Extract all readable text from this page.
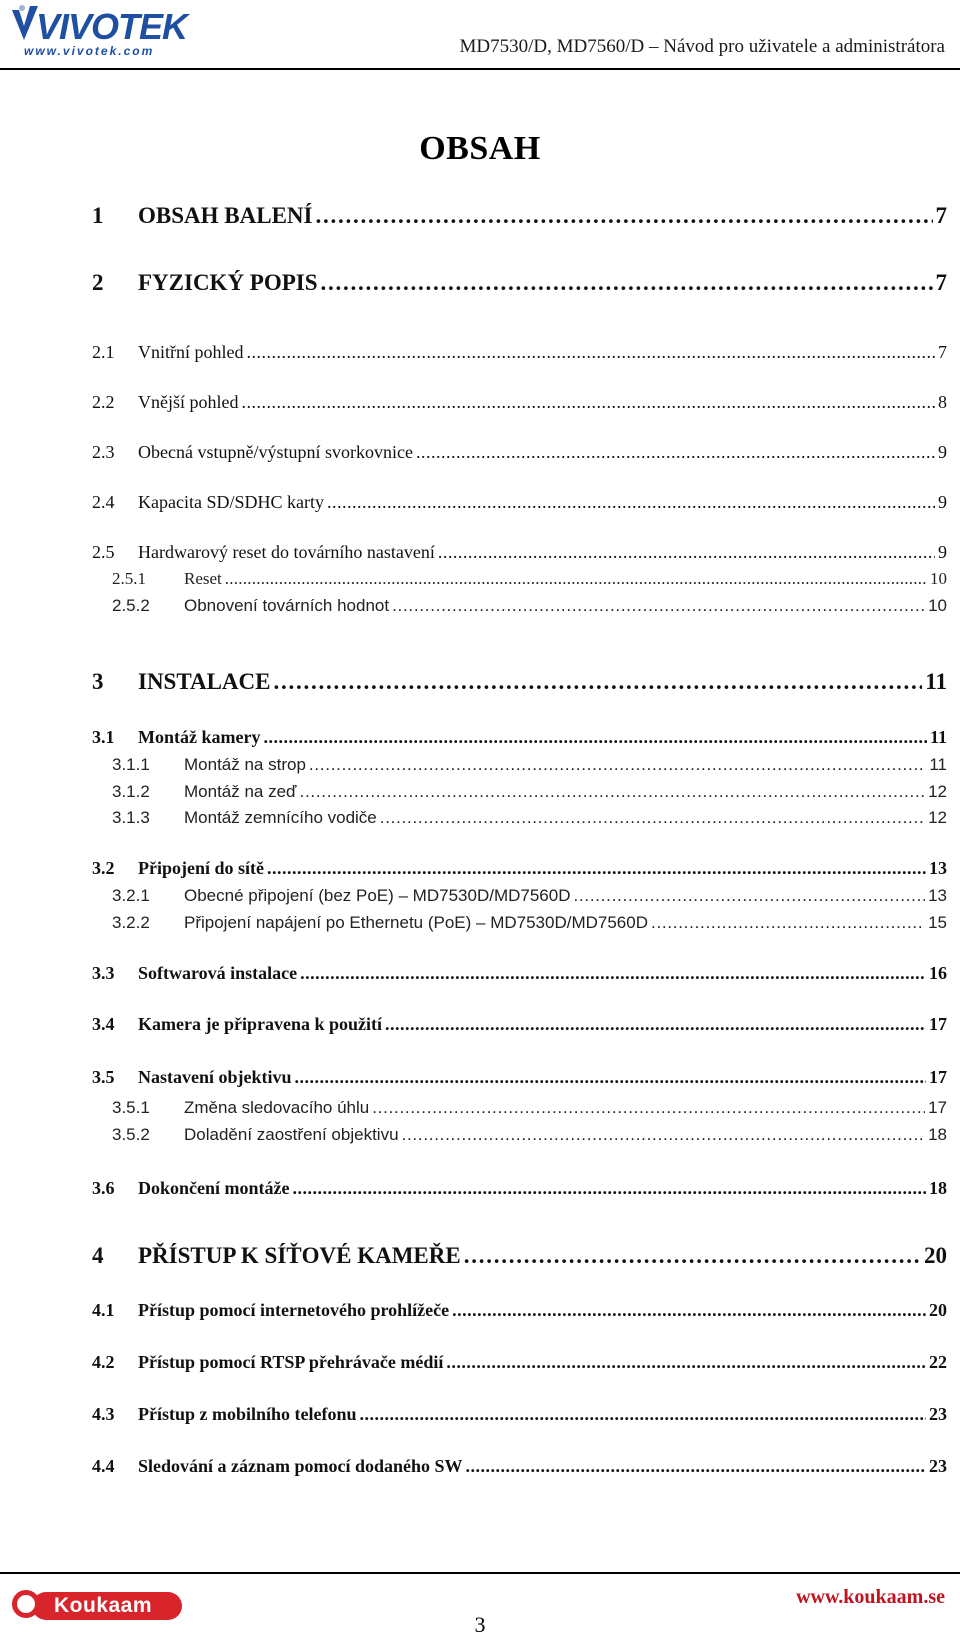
VIVOTEK
www.vivotek.com	MD7530/D, MD7560/D – Návod pro uživatele a administrátora
OBSAH
1	OBSAH BALENÍ . . .	7
2	FYZICKÝ POPIS . . .	7
2.1	Vnitřní pohled . . .	7
2.2	Vnější pohled . . .	8
2.3	Obecná vstupně/výstupní svorkovnice . . .	9
2.4	Kapacita SD/SDHC karty . . .	9
2.5	Hardwarový reset do továrního nastavení . . .	9
2.5.1	Reset . . .	10
2.5.2	Obnovení továrních hodnot . . .	10
3	INSTALACE . . .	11
3.1	Montáž kamery . . .	11
3.1.1	Montáž na strop . . .	11
3.1.2	Montáž na zeď . . .	12
3.1.3	Montáž zemnícího vodiče . . .	12
3.2	Připojení do sítě . . .	13
3.2.1	Obecné připojení (bez PoE) – MD7530D/MD7560D . . .	13
3.2.2	Připojení napájení po Ethernetu (PoE) – MD7530D/MD7560D . . .	15
3.3	Softwarová instalace . . .	16
3.4	Kamera je připravena k použití . . .	17
3.5	Nastavení objektivu . . .	17
3.5.1	Změna sledovacího úhlu . . .	17
3.5.2	Doladění zaostření objektivu . . .	18
3.6	Dokončení montáže . . .	18
4	PŘÍSTUP K SÍŤOVÉ KAMEŘE . . .	20
4.1	Přístup pomocí internetového prohlížeče . . .	20
4.2	Přístup pomocí RTSP přehrávače médií . . .	22
4.3	Přístup z mobilního telefonu . . .	23
4.4	Sledování a záznam pomocí dodaného SW . . .	23
Koukaam	www.koukaam.se
3
